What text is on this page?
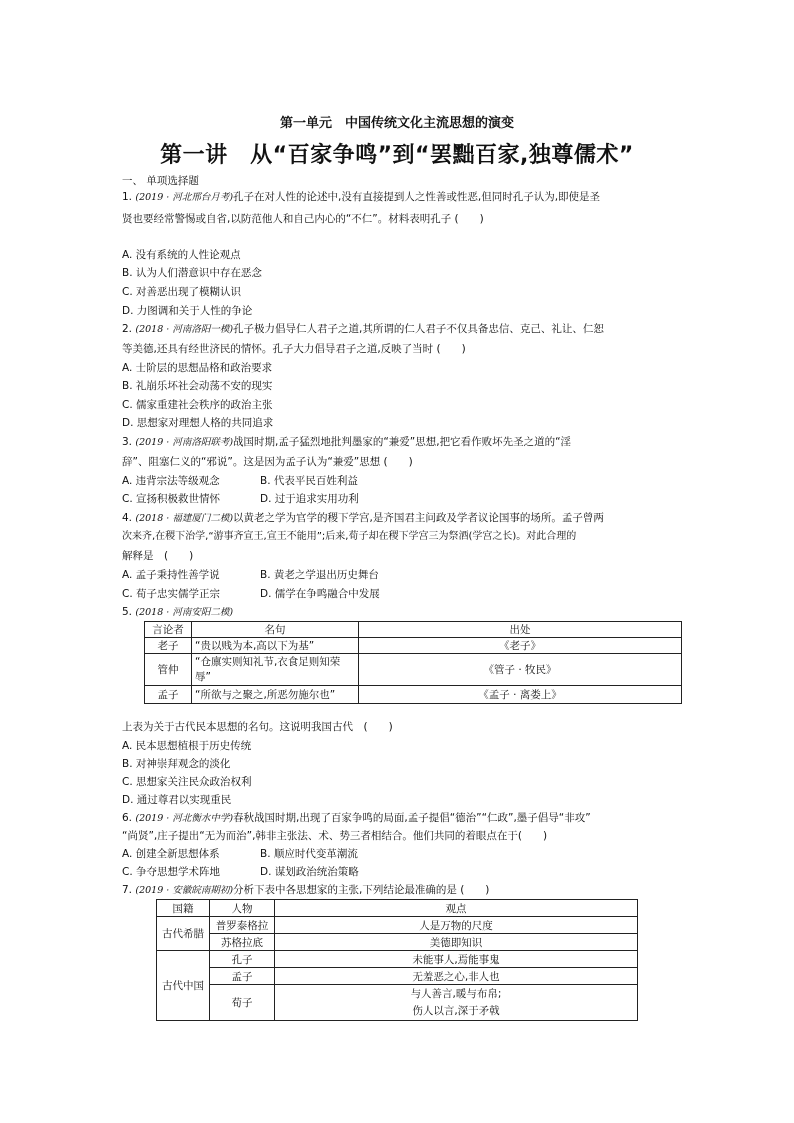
第一单元　中国传统文化主流思想的演变
第一讲　从“百家争鸣”到“罢黜百家,独尊儒术”
一、 单项选择题
1. (2019 · 河北邢台月考)孔子在对人性的论述中,没有直接提到人之性善或性恶,但同时孔子认为,即使是圣
贤也要经常警惕或自省,以防范他人和自己内心的“不仁”。材料表明孔子 (　　)
A. 没有系统的人性论观点
B. 认为人们潜意识中存在恶念
C. 对善恶出现了模糊认识
D. 力图调和关于人性的争论
2. (2018 · 河南洛阳一模)孔子极力倡导仁人君子之道,其所谓的仁人君子不仅具备忠信、克己、礼让、仁恕
等美德,还具有经世济民的情怀。孔子大力倡导君子之道,反映了当时 (　　)
A. 士阶层的思想品格和政治要求
B. 礼崩乐坏社会动荡不安的现实
C. 儒家重建社会秩序的政治主张
D. 思想家对理想人格的共同追求
3. (2019 · 河南洛阳联考)战国时期,孟子猛烈地批判墨家的“兼爱”思想,把它看作败坏先圣之道的“淫
辞”、阻塞仁义的“邪说”。这是因为孟子认为“兼爱”思想 (　　)
A. 违背宗法等级观念	B. 代表平民百姓利益
C. 宣扬积极救世情怀	D. 过于追求实用功利
4. (2018 · 福建厦门二模)以黄老之学为官学的稷下学宫,是齐国君主问政及学者议论国事的场所。孟子曾两
次来齐,在稷下治学,“游事齐宣王,宣王不能用”;后来,荀子却在稷下学宫三为祭酒(学宫之长)。对此合理的
解释是　(　　)
A. 孟子秉持性善学说	B. 黄老之学退出历史舞台
C. 荀子忠实儒学正宗	D. 儒学在争鸣融合中发展
5. (2018 · 河南安阳二模)
言论者	名句	出处
老子	“贵以贱为本,高以下为基”	《老子》
管仲	“仓廪实则知礼节,衣食足则知荣辱”	《管子 · 牧民》
孟子	“所欲与之聚之,所恶勿施尔也”	《孟子 · 离娄上》
上表为关于古代民本思想的名句。这说明我国古代　(　　)
A. 民本思想植根于历史传统
B. 对神崇拜观念的淡化
C. 思想家关注民众政治权利
D. 通过尊君以实现重民
6. (2019 · 河北衡水中学)春秋战国时期,出现了百家争鸣的局面,孟子提倡“德治”“仁政”,墨子倡导“非攻”
“尚贤”,庄子提出“无为而治”,韩非主张法、术、势三者相结合。他们共同的着眼点在于(　　)
A. 创建全新思想体系	B. 顺应时代变革潮流
C. 争夺思想学术阵地	D. 谋划政治统治策略
7. (2019 · 安徽皖南期初)分析下表中各思想家的主张,下列结论最准确的是 (　　)
国籍	人物	观点
古代希腊	普罗泰格拉	人是万物的尺度
	苏格拉底	美德即知识
古代中国	孔子	未能事人,焉能事鬼
	孟子	无羞恶之心,非人也
	荀子	与人善言,暖与布帛;
伤人以言,深于矛戟
